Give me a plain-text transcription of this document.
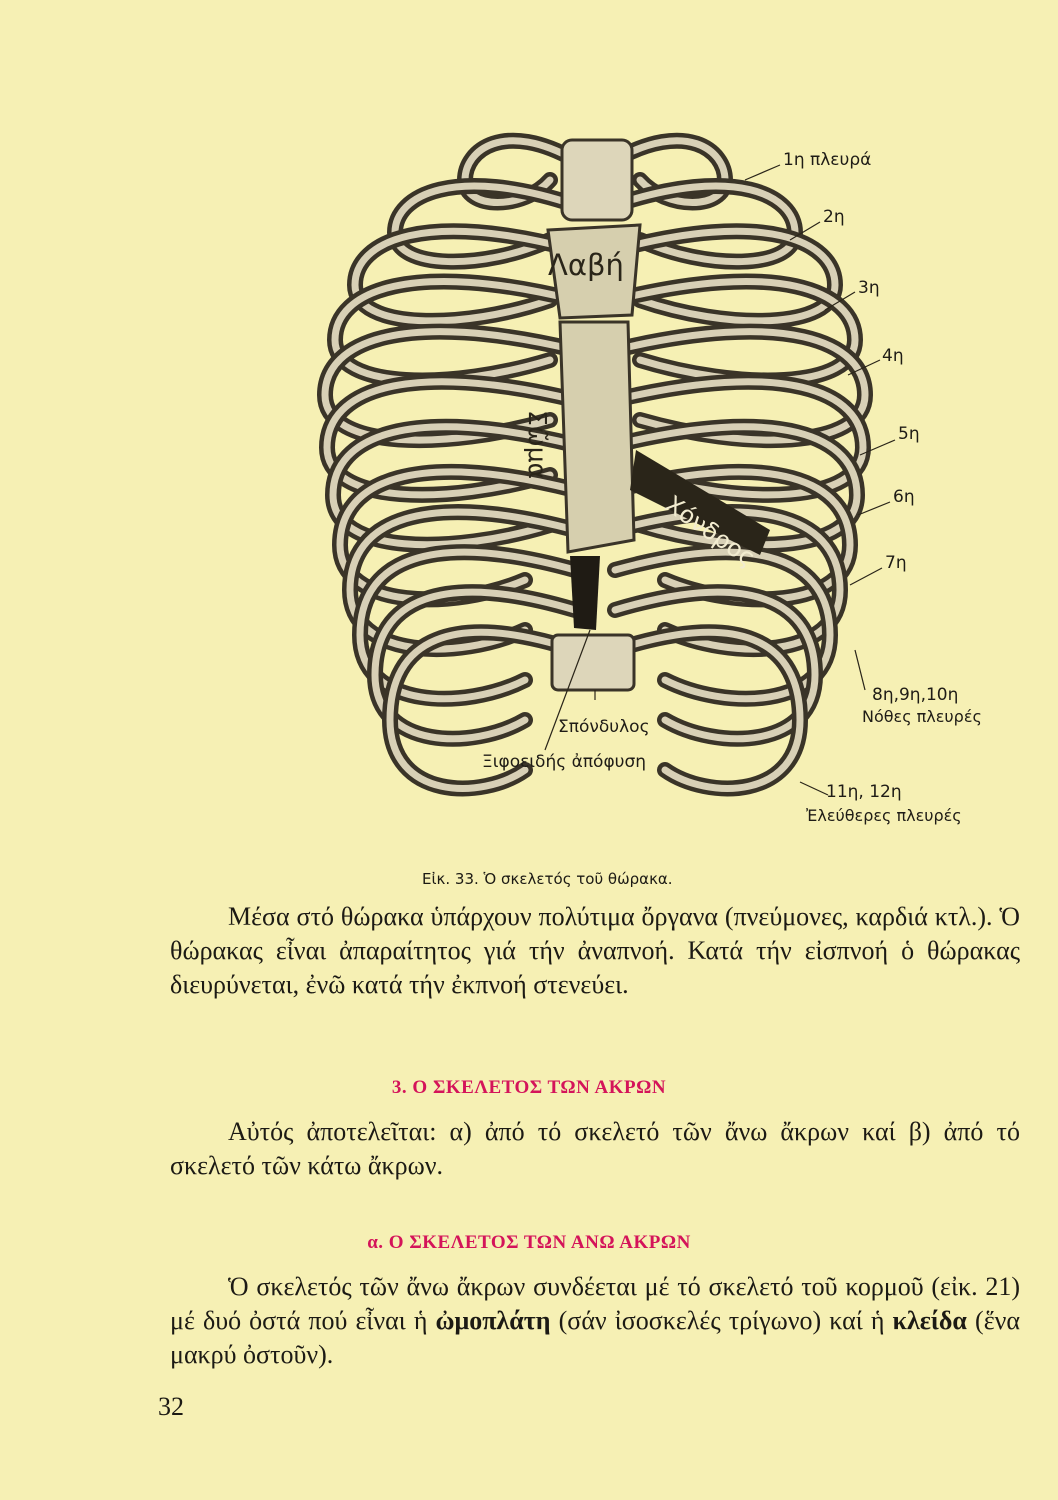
1η πλευρά
2η
3η
4η
5η
6η
7η
8η,9η,10η
Νόθες πλευρές
11η, 12η
Ἐλεύθερες πλευρές
Λαβή
Σῶμα
Χόνδρος
Σπόνδυλος
Ξιφοειδής ἀπόφυση
Εἰκ. 33. Ὁ σκελετός τοῦ θώρακα.

Μέσα στό θώρακα ὑπάρχουν πολύτιμα ὄργανα (πνεύμονες, καρδιά κτλ.). Ὁ θώρακας εἶναι ἀπαραίτητος γιά τήν ἀναπνοή. Κατά τήν εἰσπνοή ὁ θώρακας διευρύνεται, ἐνῶ κατά τήν ἐκπνοή στενεύει.

3. Ο ΣΚΕΛΕΤΟΣ ΤΩΝ ΑΚΡΩΝ

Αὐτός ἀποτελεῖται: α) ἀπό τό σκελετό τῶν ἄνω ἄκρων καί β) ἀπό τό σκελετό τῶν κάτω ἄκρων.

α. Ο ΣΚΕΛΕΤΟΣ ΤΩΝ ΑΝΩ ΑΚΡΩΝ

Ὁ σκελετός τῶν ἄνω ἄκρων συνδέεται μέ τό σκελετό τοῦ κορμοῦ (εἰκ. 21) μέ δυό ὀστά πού εἶναι ἡ ὠμοπλάτη (σάν ἰσοσκελές τρίγωνο) καί ἡ κλείδα (ἕνα μακρύ ὀστοῦν).

32
